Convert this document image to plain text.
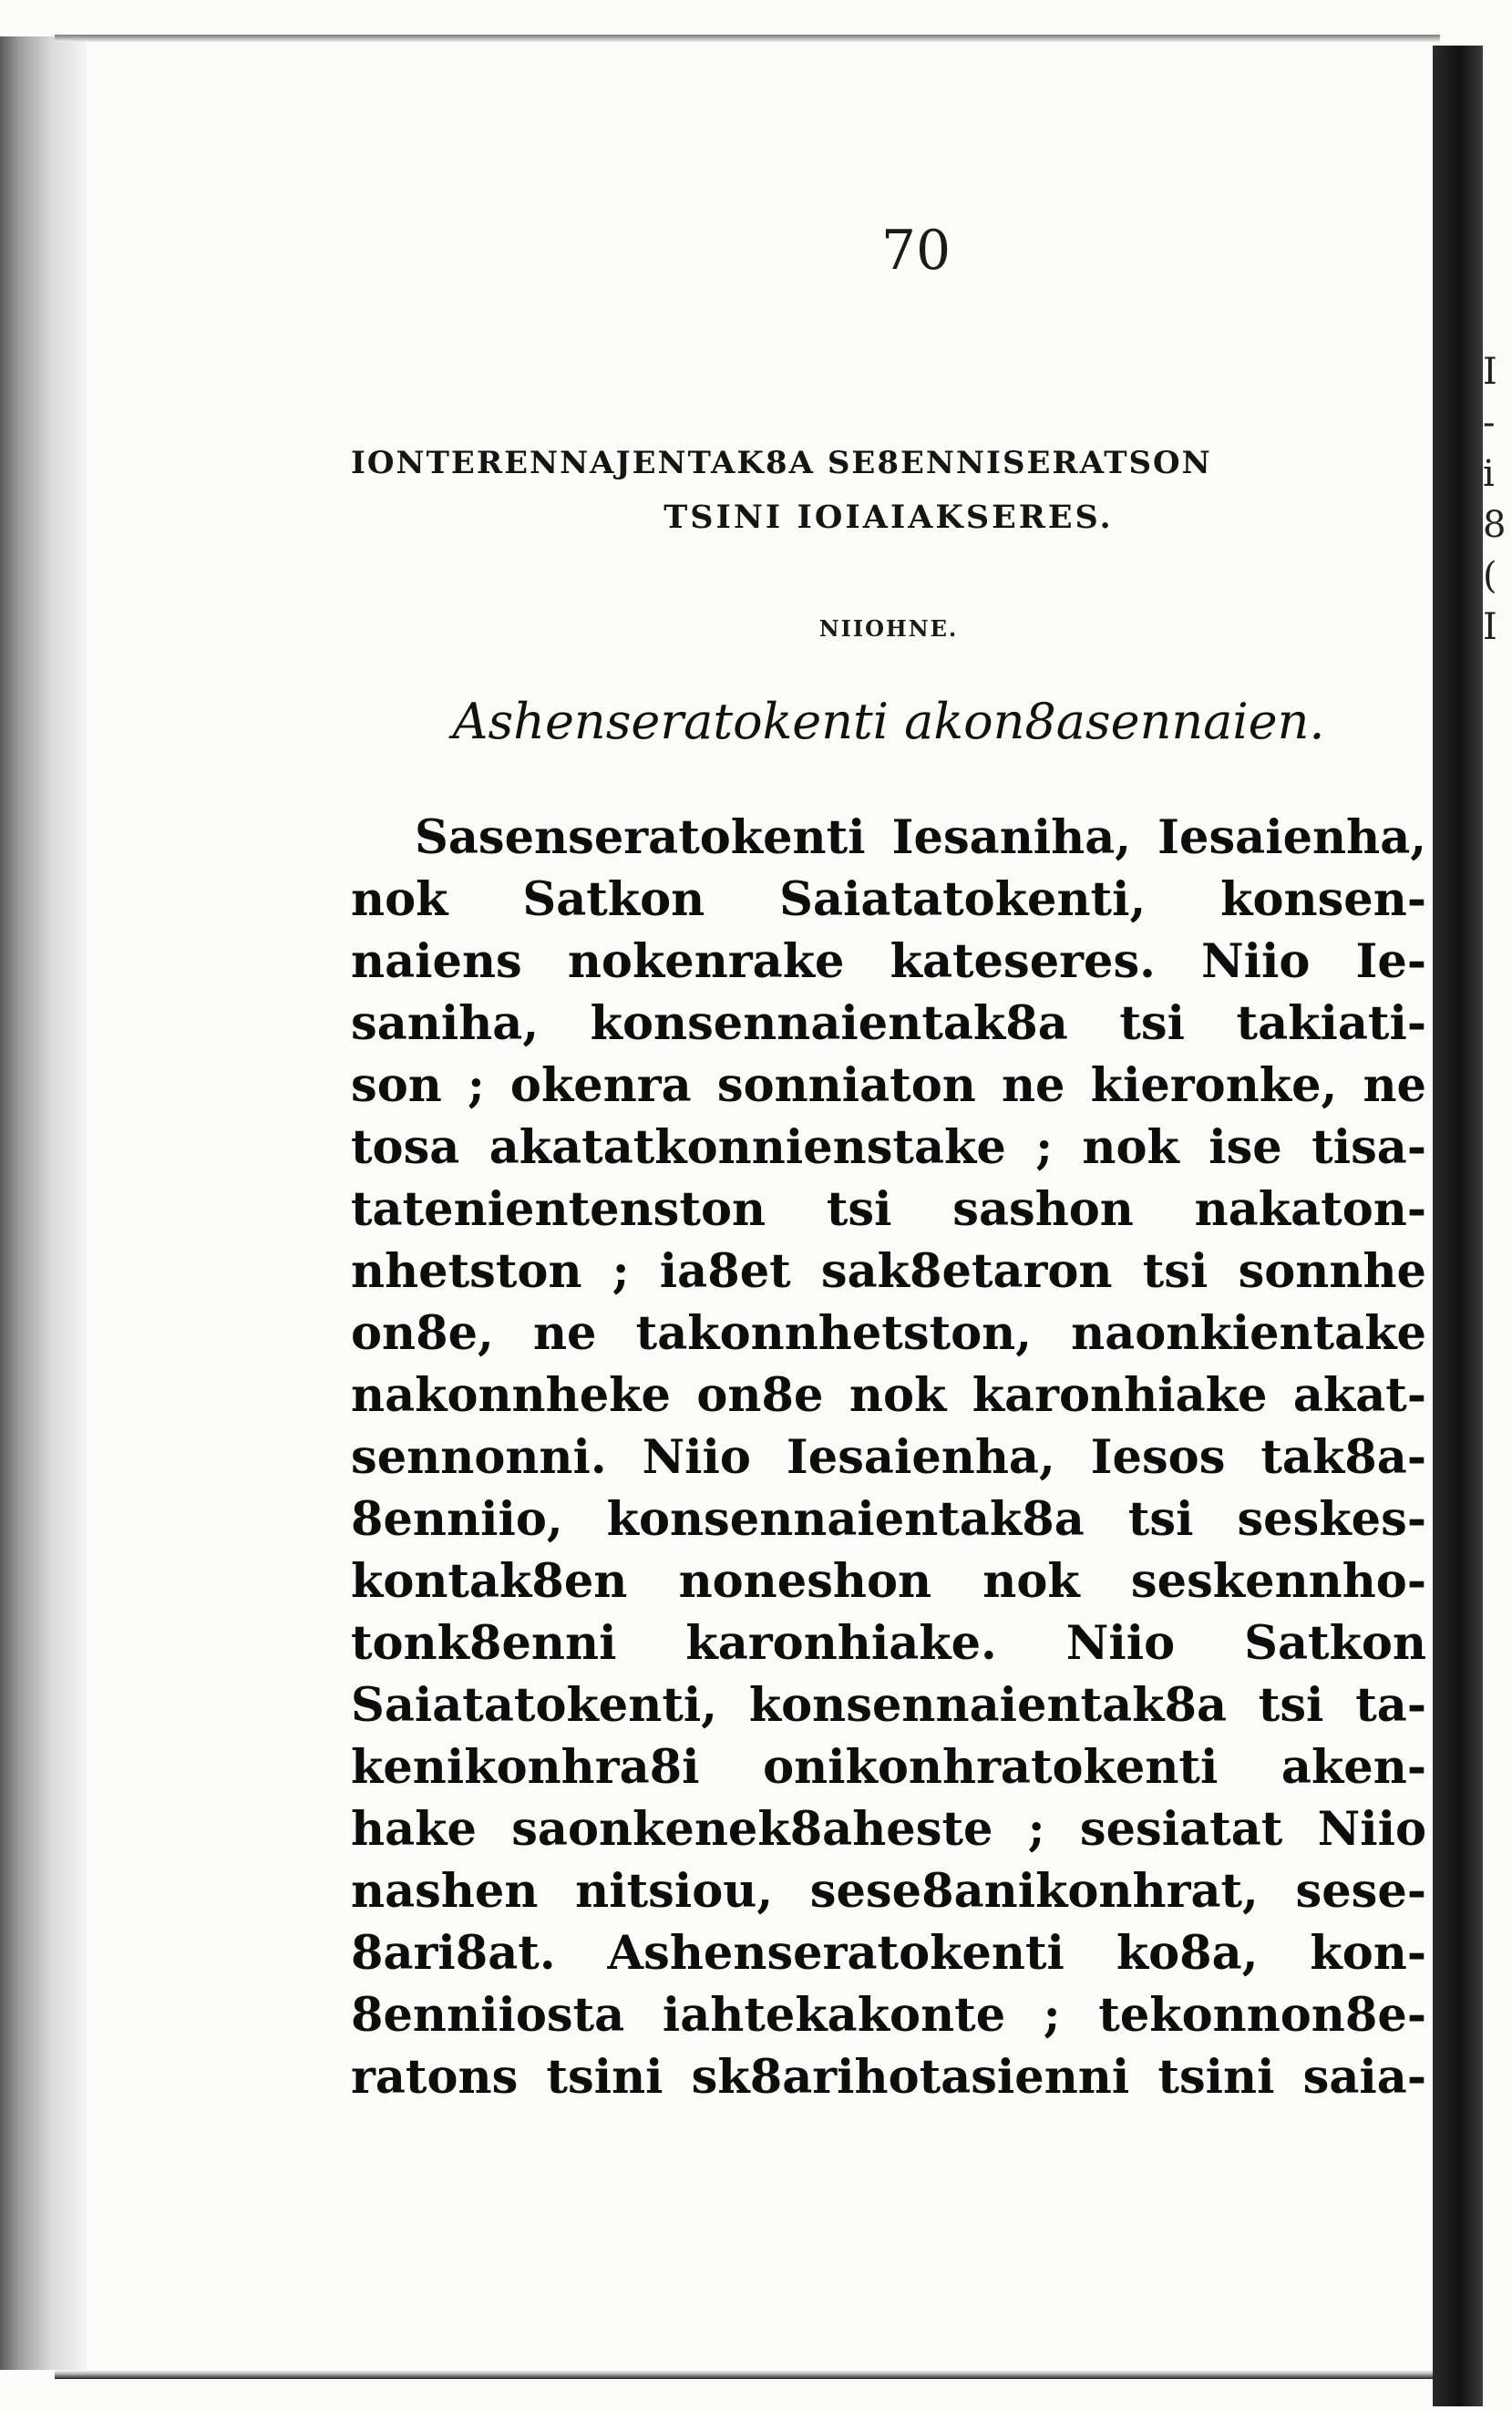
I
-
i
8
(
I
70
IONTERENNAJENTAK8A SE8ENNISERATSON
TSINI IOIAIAKSERES.
NIIOHNE.
Ashenseratokenti akon8asennaien.
Sasenseratokenti Iesaniha, Iesaienha,
nok Satkon Saiatatokenti, konsen-
naiens nokenrake kateseres. Niio Ie-
saniha, konsennaientak8a tsi takiati-
son ; okenra sonniaton ne kieronke, ne
tosa akatatkonnienstake ; nok ise tisa-
tatenientenston tsi sashon nakaton-
nhetston ; ia8et sak8etaron tsi sonnhe
on8e, ne takonnhetston, naonkientake
nakonnheke on8e nok karonhiake akat-
sennonni. Niio Iesaienha, Iesos tak8a-
8enniio, konsennaientak8a tsi seskes-
kontak8en noneshon nok seskennho-
tonk8enni karonhiake. Niio Satkon
Saiatatokenti, konsennaientak8a tsi ta-
kenikonhra8i onikonhratokenti aken-
hake saonkenek8aheste ; sesiatat Niio
nashen nitsiou, sese8anikonhrat, sese-
8ari8at. Ashenseratokenti ko8a, kon-
8enniiosta iahtekakonte ; tekonnon8e-
ratons tsini sk8arihotasienni tsini saia-
